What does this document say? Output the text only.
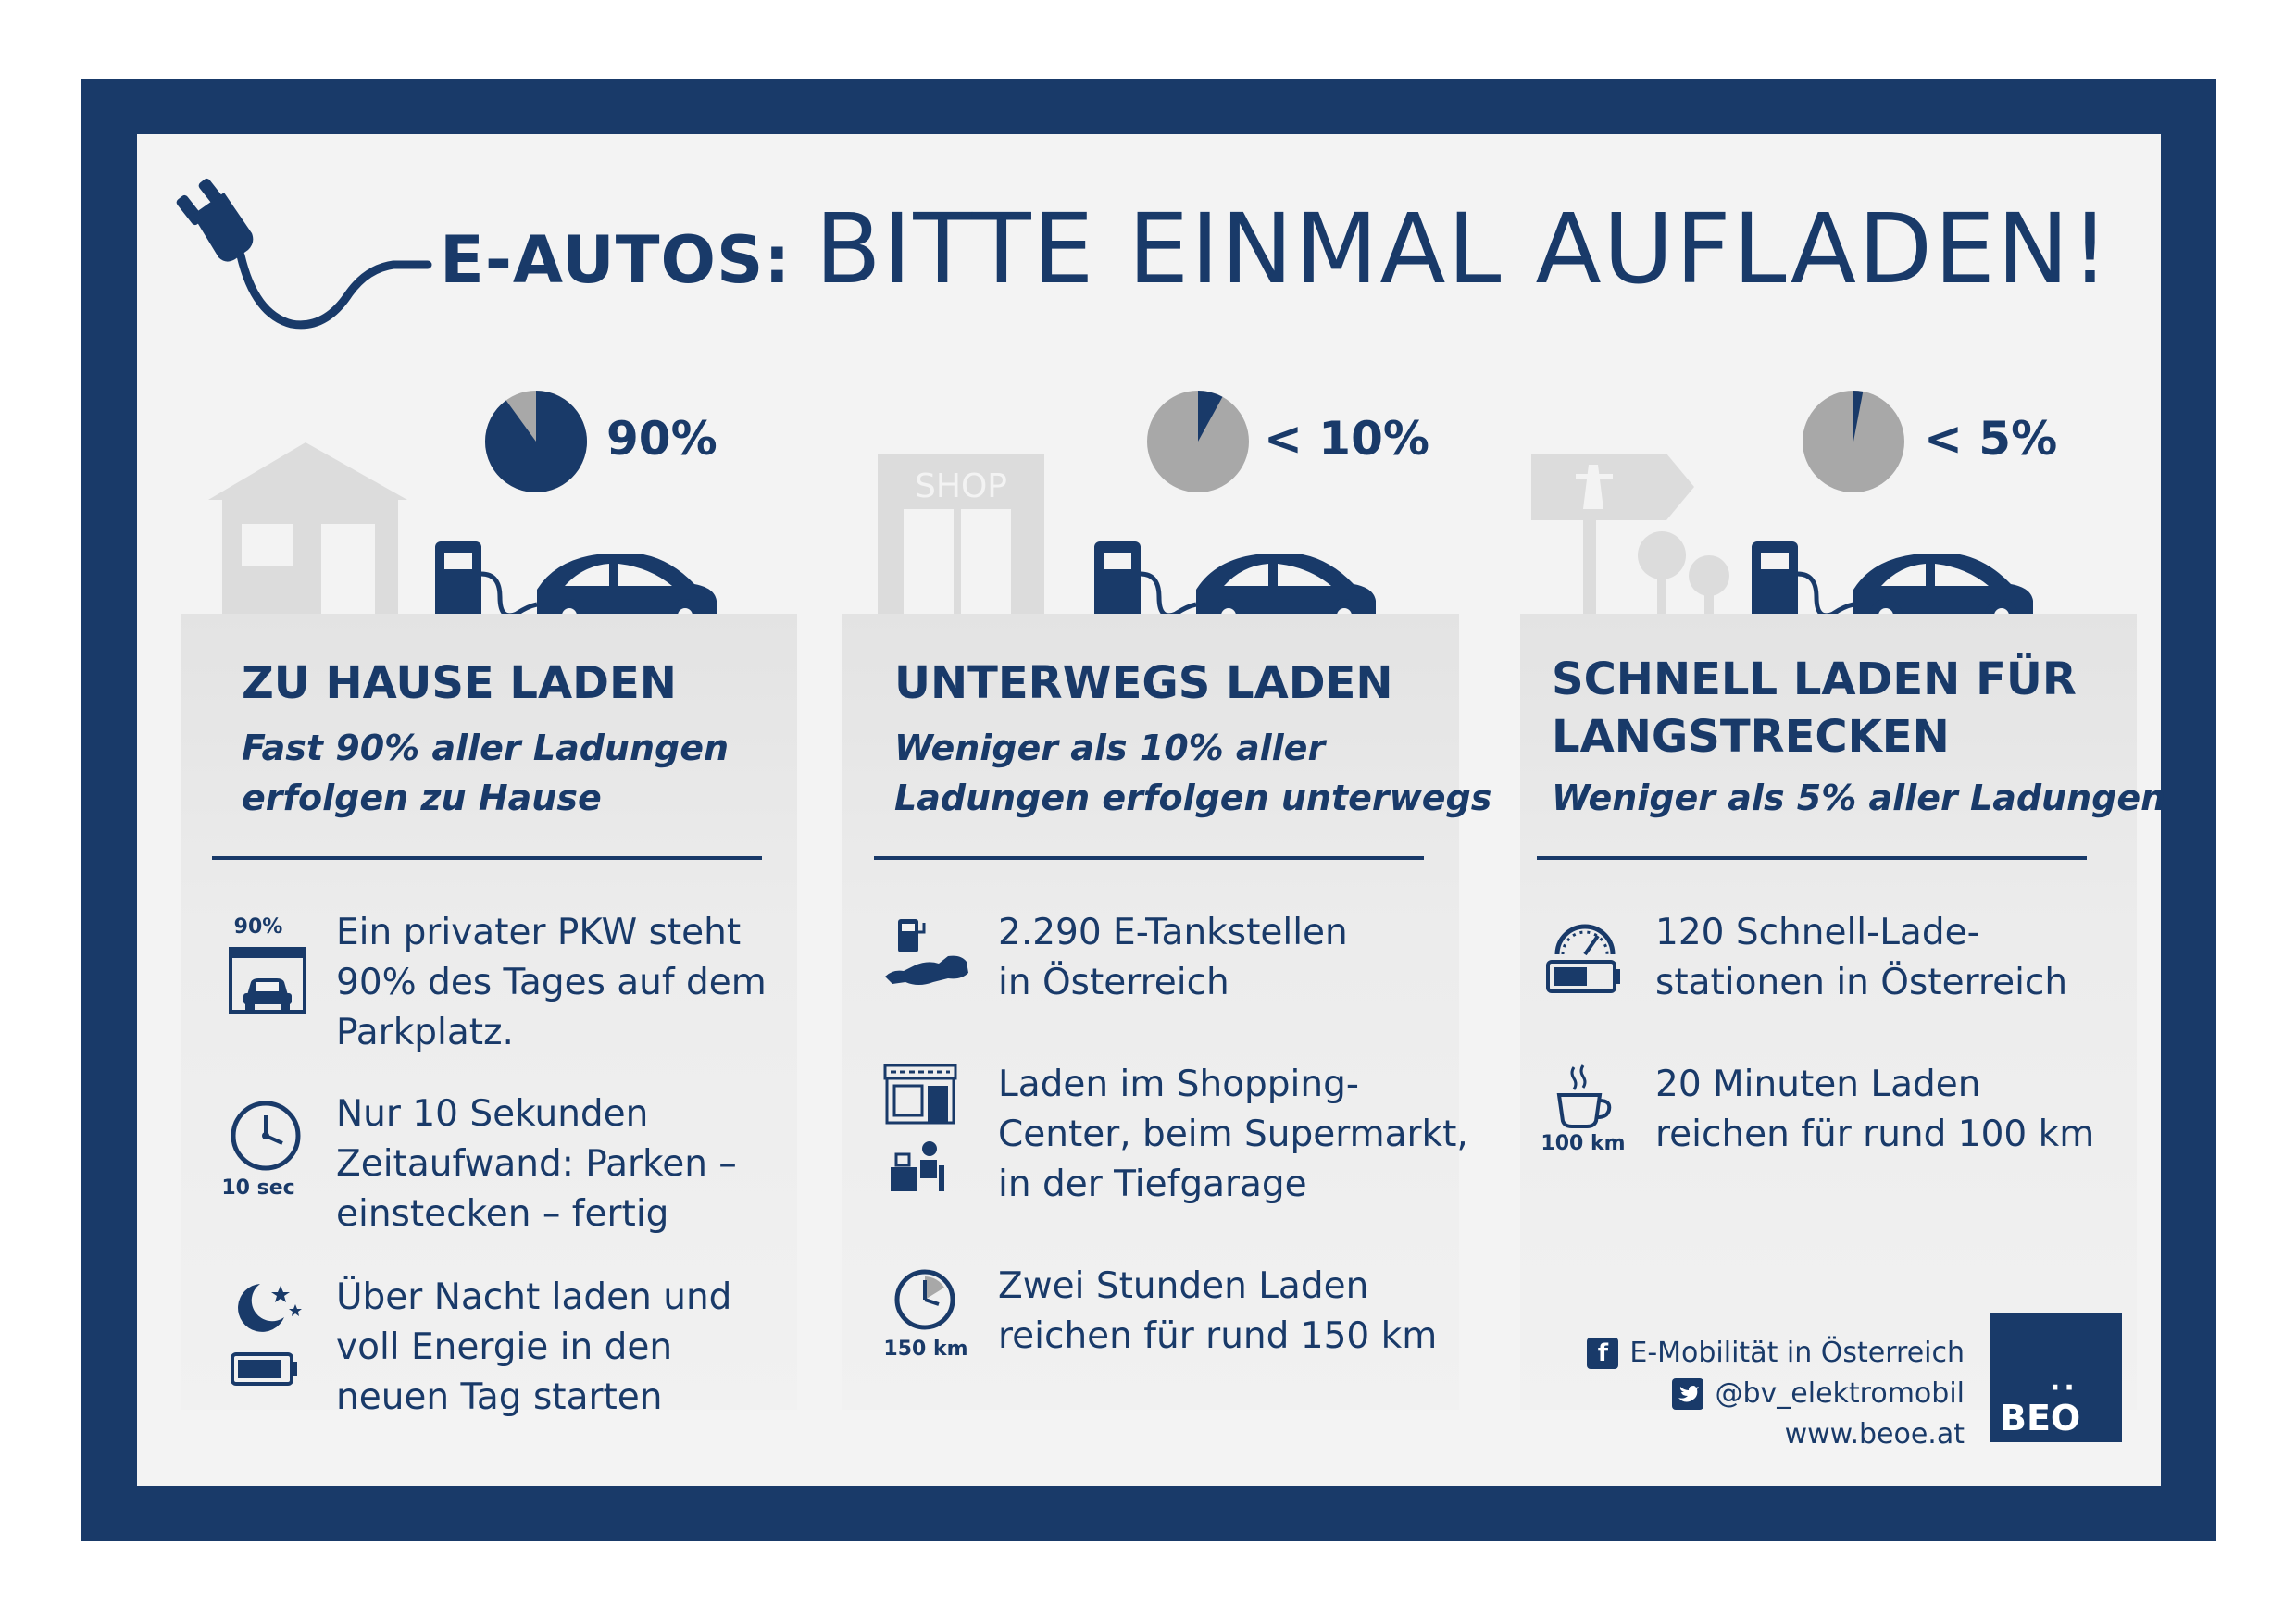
E-AUTOS: BITTE EINMAL AUFLADEN!
90%
SHOP
< 10%	< 5%
ZU HAUSE LADEN
Fast 90% aller Ladungen
erfolgen zu Hause
90%	Ein privater PKW steht
90% des Tages auf dem
Parkplatz.
10 sec
Nur 10 Sekunden
Zeitaufwand: Parken –
einstecken – fertig
Über Nacht laden und
voll Energie in den
neuen Tag starten
UNTERWEGS LADEN
Weniger als 10% aller
Ladungen erfolgen unterwegs
2.290 E-Tankstellen
in Österreich
Laden im Shopping-
Center, beim Supermarkt,
in der Tiefgarage
150 km
Zwei Stunden Laden
reichen für rund 150 km
SCHNELL LADEN FÜR
LANGSTRECKEN
Weniger als 5% aller Ladungen
120 Schnell-Lade-
stationen in Österreich
100 km
20 Minuten Laden
reichen für rund 100 km
f E-Mobilität in Österreich
@bv_elektromobil
www.beoe.at
··
BEO
